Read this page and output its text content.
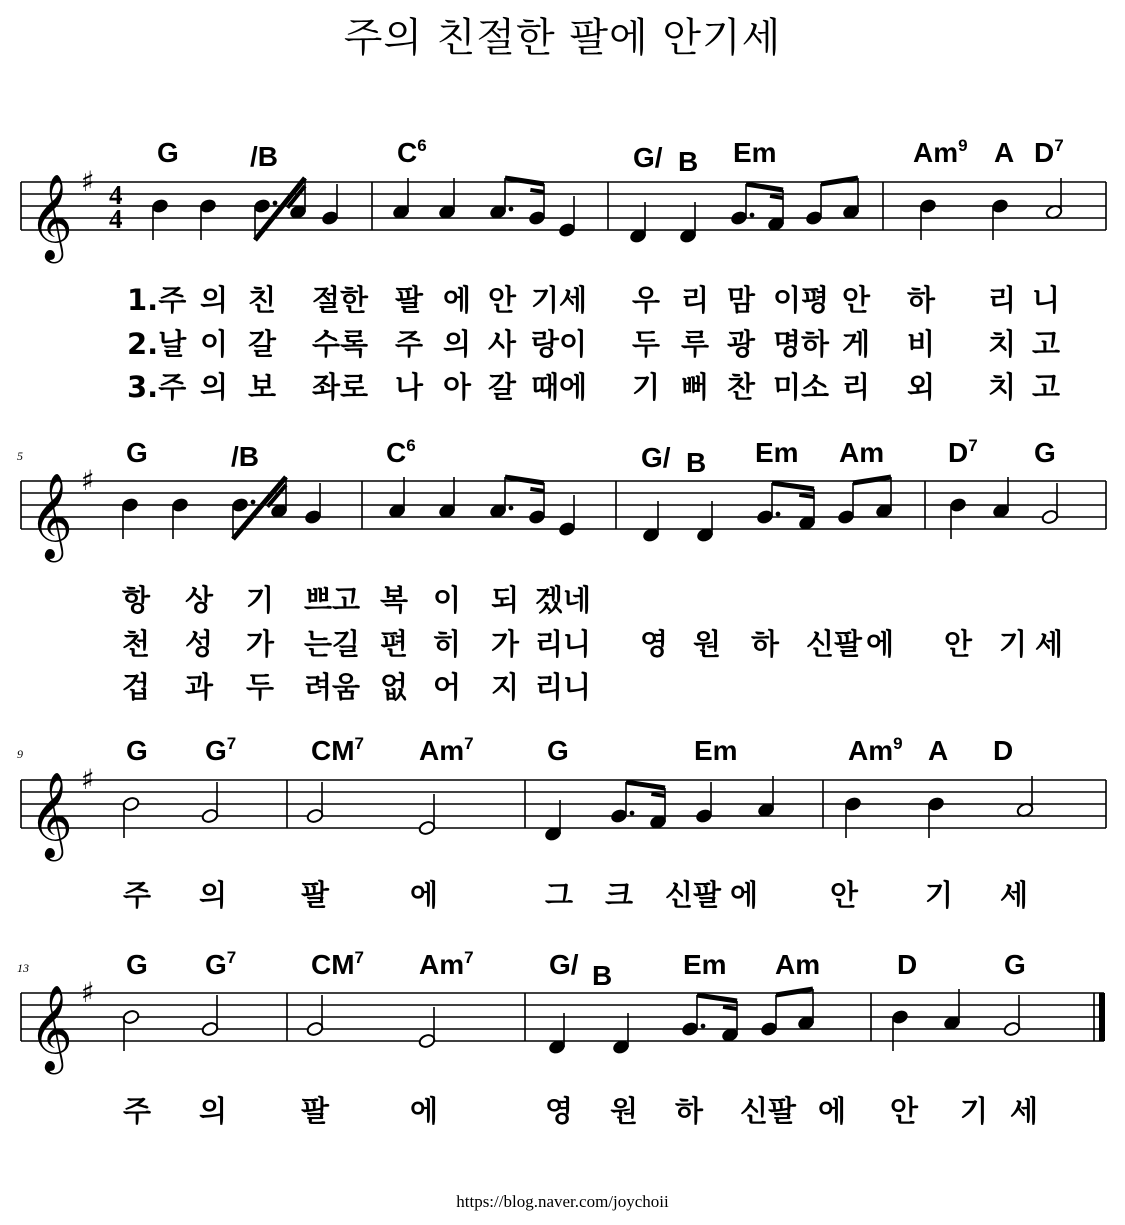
주의 친절한 팔에 안기세
𝄞 ♯ 4
4
𝄞 ♯
𝄞 ♯
𝄞 ♯
G	/B	$C^6$	G/ B Em	Am$^9$ A $D^7$
G	/B	$C^6$	G/ B Em Am $D^7$ G
G $G^7$	$CM^7$ Am$^7$	G	Em	Am$^9$ A D
G $G^7$	$CM^7$ Am$^7$	G/ B	Em Am	D	G
1.주 의 친 절한 팔 에 안 기세 우 리 맘 이평 안 하 리 니
2.날 이 갈 수록 주 의 사 랑이 두 루 광 명하 게 비 치 고
3.주 의 보 좌로 나 아 갈 때에 기 뻐 찬 미소 리 외 치 고
항 상 기 쁘고 복 이 되 겠네
천 성 가 는길 편 히 가 리니 영 원 하 신팔 에 안 기 세
겁 과 두 려움 없 어 지 리니
주 의	팔	에	그 크 신팔 에 안 기 세
주 의	팔	에	영 원 하 신팔 에 안 기 세
5
9
13
https://blog.naver.com/joychoii
